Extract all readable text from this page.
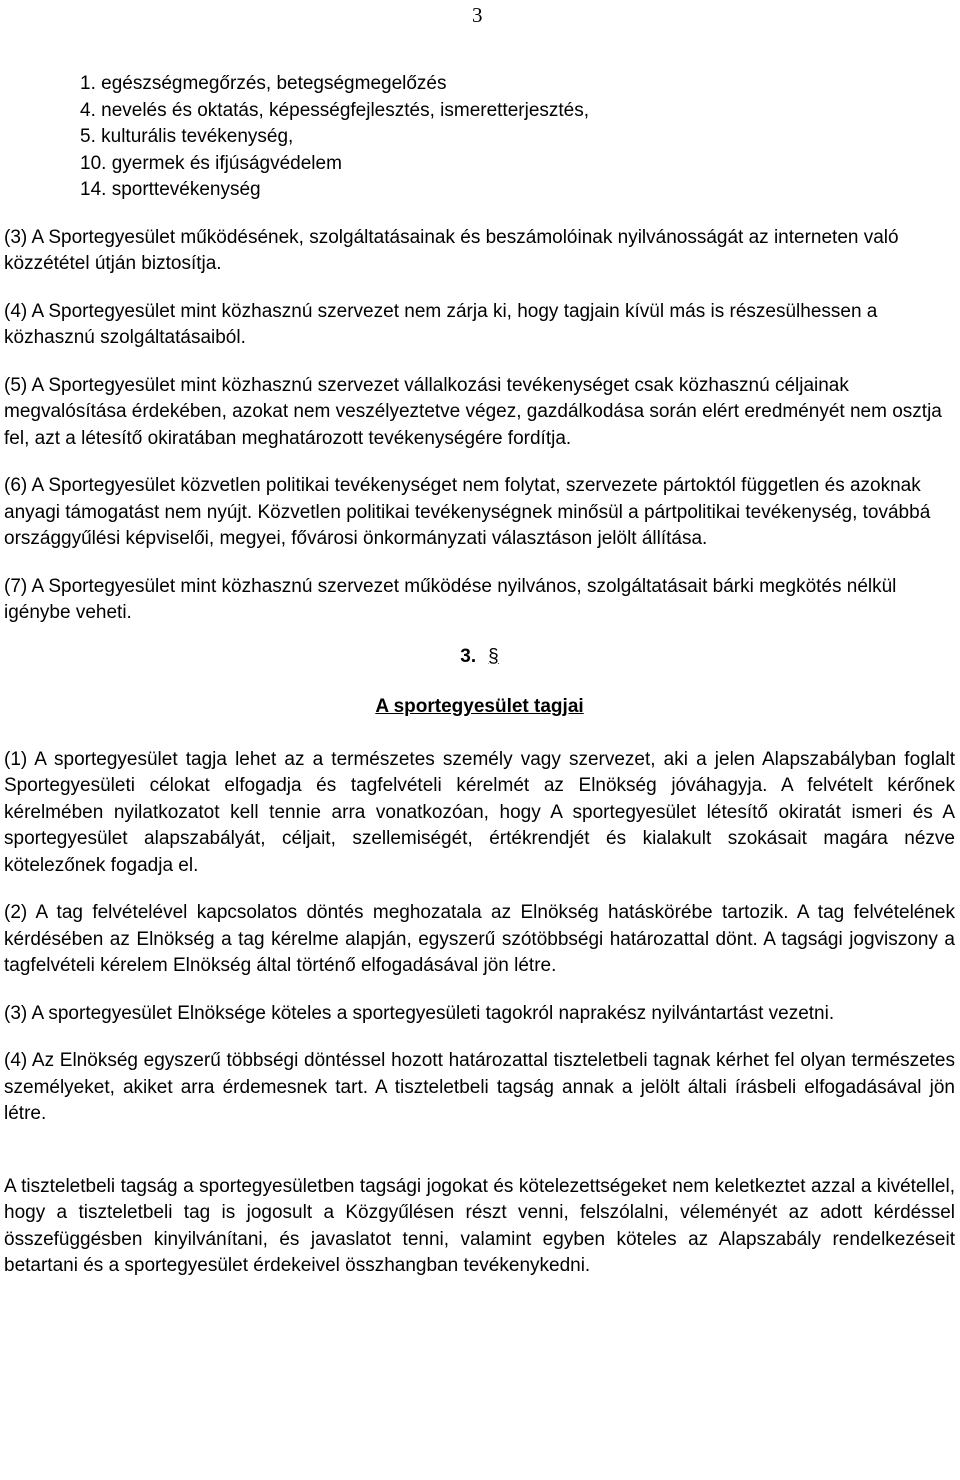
3
1. egészségmegőrzés, betegségmegelőzés
4. nevelés és oktatás, képességfejlesztés, ismeretterjesztés,
5. kulturális tevékenység,
10. gyermek és ifjúságvédelem
14. sporttevékenység

(3) A Sportegyesület működésének, szolgáltatásainak és beszámolóinak nyilvánosságát az interneten való közzététel útján biztosítja.

(4) A Sportegyesület mint közhasznú szervezet nem zárja ki, hogy tagjain kívül más is részesülhessen a közhasznú szolgáltatásaiból.

(5) A Sportegyesület mint közhasznú szervezet vállalkozási tevékenységet csak közhasznú céljainak megvalósítása érdekében, azokat nem veszélyeztetve végez, gazdálkodása során elért eredményét nem osztja fel, azt a létesítő okiratában meghatározott tevékenységére fordítja.

(6) A Sportegyesület közvetlen politikai tevékenységet nem folytat, szervezete pártoktól független és azoknak anyagi támogatást nem nyújt. Közvetlen politikai tevékenységnek minősül a pártpolitikai tevékenység, továbbá országgyűlési képviselői, megyei, fővárosi önkormányzati választáson jelölt állítása.

(7) A Sportegyesület mint közhasznú szervezet működése nyilvános, szolgáltatásait bárki megkötés nélkül igénybe veheti.

3. §
A sportegyesület tagjai

(1) A sportegyesület tagja lehet az a természetes személy vagy szervezet, aki a jelen Alapszabályban foglalt Sportegyesületi célokat elfogadja és tagfelvételi kérelmét az Elnökség jóváhagyja. A felvételt kérőnek kérelmében nyilatkozatot kell tennie arra vonatkozóan, hogy A sportegyesület létesítő okiratát ismeri és A sportegyesület alapszabályát, céljait, szellemiségét, értékrendjét és kialakult szokásait magára nézve kötelezőnek fogadja el.

(2) A tag felvételével kapcsolatos döntés meghozatala az Elnökség hatáskörébe tartozik. A tag felvételének kérdésében az Elnökség a tag kérelme alapján, egyszerű szótöbbségi határozattal dönt. A tagsági jogviszony a tagfelvételi kérelem Elnökség által történő elfogadásával jön létre.

(3) A sportegyesület Elnöksége köteles a sportegyesületi tagokról naprakész nyilvántartást vezetni.

(4) Az Elnökség egyszerű többségi döntéssel hozott határozattal tiszteletbeli tagnak kérhet fel olyan természetes személyeket, akiket arra érdemesnek tart. A tiszteletbeli tagság annak a jelölt általi írásbeli elfogadásával jön létre.

A tiszteletbeli tagság a sportegyesületben tagsági jogokat és kötelezettségeket nem keletkeztet azzal a kivétellel, hogy a tiszteletbeli tag is jogosult a Közgyűlésen részt venni, felszólalni, véleményét az adott kérdéssel összefüggésben kinyilvánítani, és javaslatot tenni, valamint egyben köteles az Alapszabály rendelkezéseit betartani és a sportegyesület érdekeivel összhangban tevékenykedni.
